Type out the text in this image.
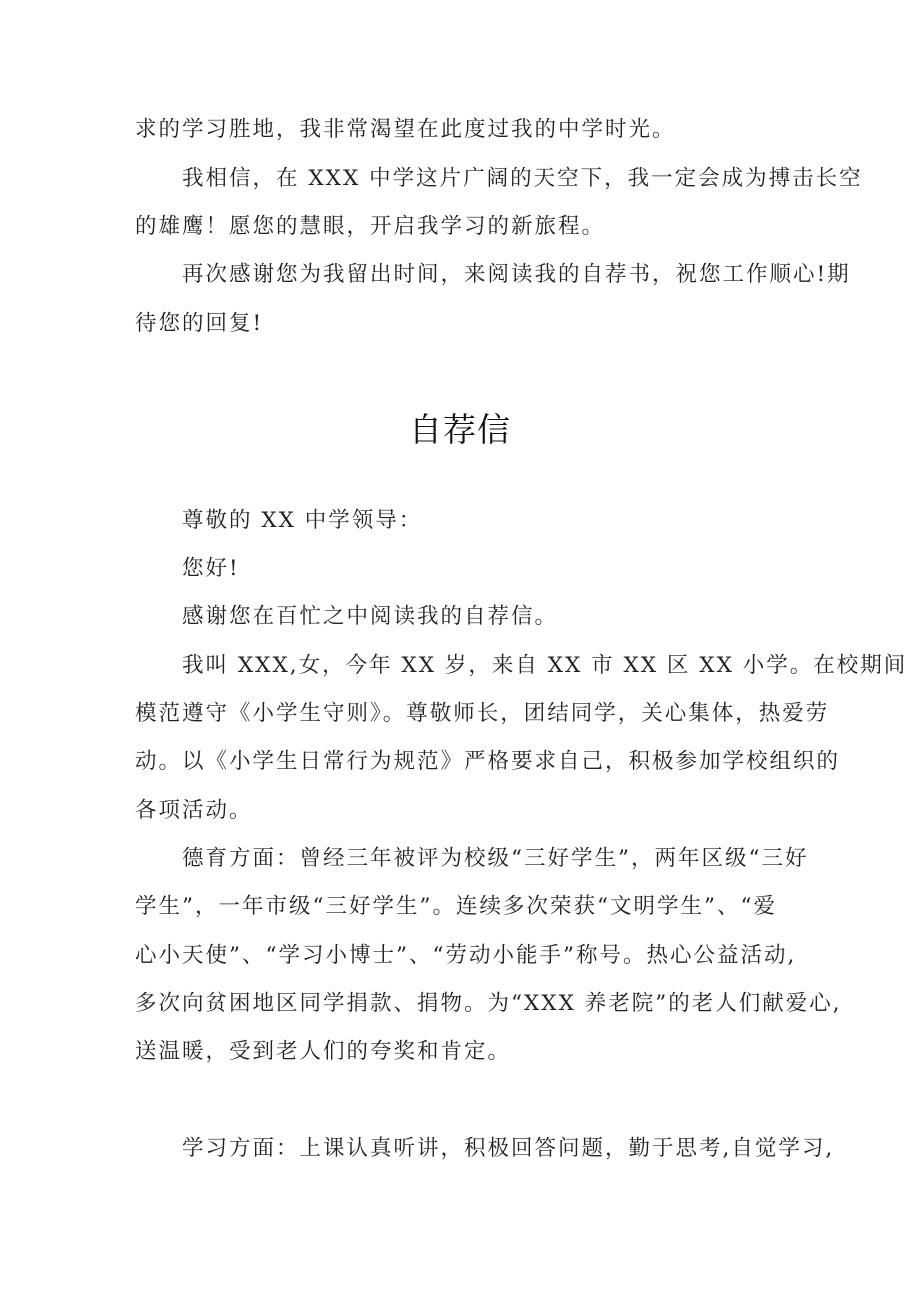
求的学习胜地，我非常渴望在此度过我的中学时光。
我相信，在 XXX 中学这片广阔的天空下，我一定会成为搏击长空
的雄鹰！愿您的慧眼，开启我学习的新旅程。
再次感谢您为我留出时间，来阅读我的自荐书，祝您工作顺心!期
待您的回复!
自荐信
尊敬的 XX 中学领导：
您好!
感谢您在百忙之中阅读我的自荐信。
我叫 XXX,女，今年 XX 岁，来自 XX 市 XX 区 XX 小学。在校期间
模范遵守《小学生守则》。尊敬师长，团结同学，关心集体，热爱劳
动。以《小学生日常行为规范》严格要求自己，积极参加学校组织的
各项活动。
德育方面：曾经三年被评为校级“三好学生”，两年区级“三好
学生”，一年市级“三好学生”。连续多次荣获“文明学生”、“爱
心小天使”、“学习小博士”、“劳动小能手”称号。热心公益活动,
多次向贫困地区同学捐款、捐物。为“XXX 养老院”的老人们献爱心,
送温暖，受到老人们的夸奖和肯定。
学习方面：上课认真听讲，积极回答问题，勤于思考,自觉学习,
